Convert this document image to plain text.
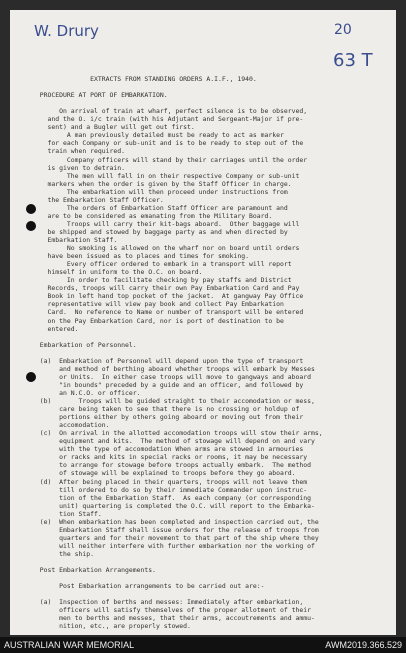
W. Drury	20
63 T
EXTRACTS FROM STANDING ORDERS A.I.F., 1940.
PROCEDURE AT PORT OF EMBARKATION.
On arrival of train at wharf, perfect silence is to be observed,
and the O. i/c train (with his Adjutant and Sergeant-Major if pre-
sent) and a Bugler will get out first.
A man previously detailed must be ready to act as marker
for each Company or sub-unit and is to be ready to step out of the
train when required.
Company officers will stand by their carriages until the order
is given to detrain.
The men will fall in on their respective Company or sub-unit
markers when the order is given by the Staff Officer in charge.
The embarkation will then proceed under instructions from
the Embarkation Staff Officer.
The orders of Embarkation Staff Officer are paramount and
are to be considered as emanating from the Military Board.
Troops will carry their kit-bags aboard.  Other baggage will
be shipped and stowed by baggage party as and when directed by
Embarkation Staff.
No smoking is allowed on the wharf nor on board until orders
have been issued as to places and times for smoking.
Every officer ordered to embark in a transport will report
himself in uniform to the O.C. on board.
In order to facilitate checking by pay staffs and District
Records, troops will carry their own Pay Embarkation Card and Pay
Book in left hand top pocket of the jacket.  At gangway Pay Office
representative will view pay book and collect Pay Embarkation
Card.  No reference to Name or number of transport will be entered
on the Pay Embarkation Card, nor is port of destination to be
entered.
Embarkation of Personnel.
(a)  Embarkation of Personnel will depend upon the type of transport
and method of berthing aboard whether troops will embark by Messes
or Units.  In either case troops will move to gangways and aboard
"in bounds" preceded by a guide and an officer, and followed by
an N.C.O. or officer.
(b)       Troops will be guided straight to their accomodation or mess,
care being taken to see that there is no crossing or holdup of
portions either by others going aboard or moving out from their
accomodation.
(c)  On arrival in the allotted accomodation troops will stow their arms,
equipment and kits.  The method of stowage will depend on and vary
with the type of accomodation When arms are stowed in armouries
or racks and kits in special racks or rooms, it may be necessary
to arrange for stowage before troops actually embark.  The method
of stowage will be explained to troops before they go aboard.
(d)  After being placed in their quarters, troops will not leave them
till ordered to do so by their immediate Commander upon instruc-
tion of the Embarkation Staff.  As each company (or corresponding
unit) quartering is completed the O.C. will report to the Embarka-
tion Staff.
(e)  When embarkation has been completed and inspection carried out, the
Embarkation Staff shall issue orders for the release of troops from
quarters and for their movement to that part of the ship where they
will neither interfere with further embarkation nor the working of
the ship.
Post Embarkation Arrangements.
Post Embarkation arrangements to be carried out are:-
(a)  Inspection of berths and messes: Immediately after embarkation,
officers will satisfy themselves of the proper allotment of their
men to berths and messes, that their arms, accoutrements and ammu-
nition, etc., are properly stowed.
AUSTRALIAN WAR MEMORIAL	AWM2019.366.529
